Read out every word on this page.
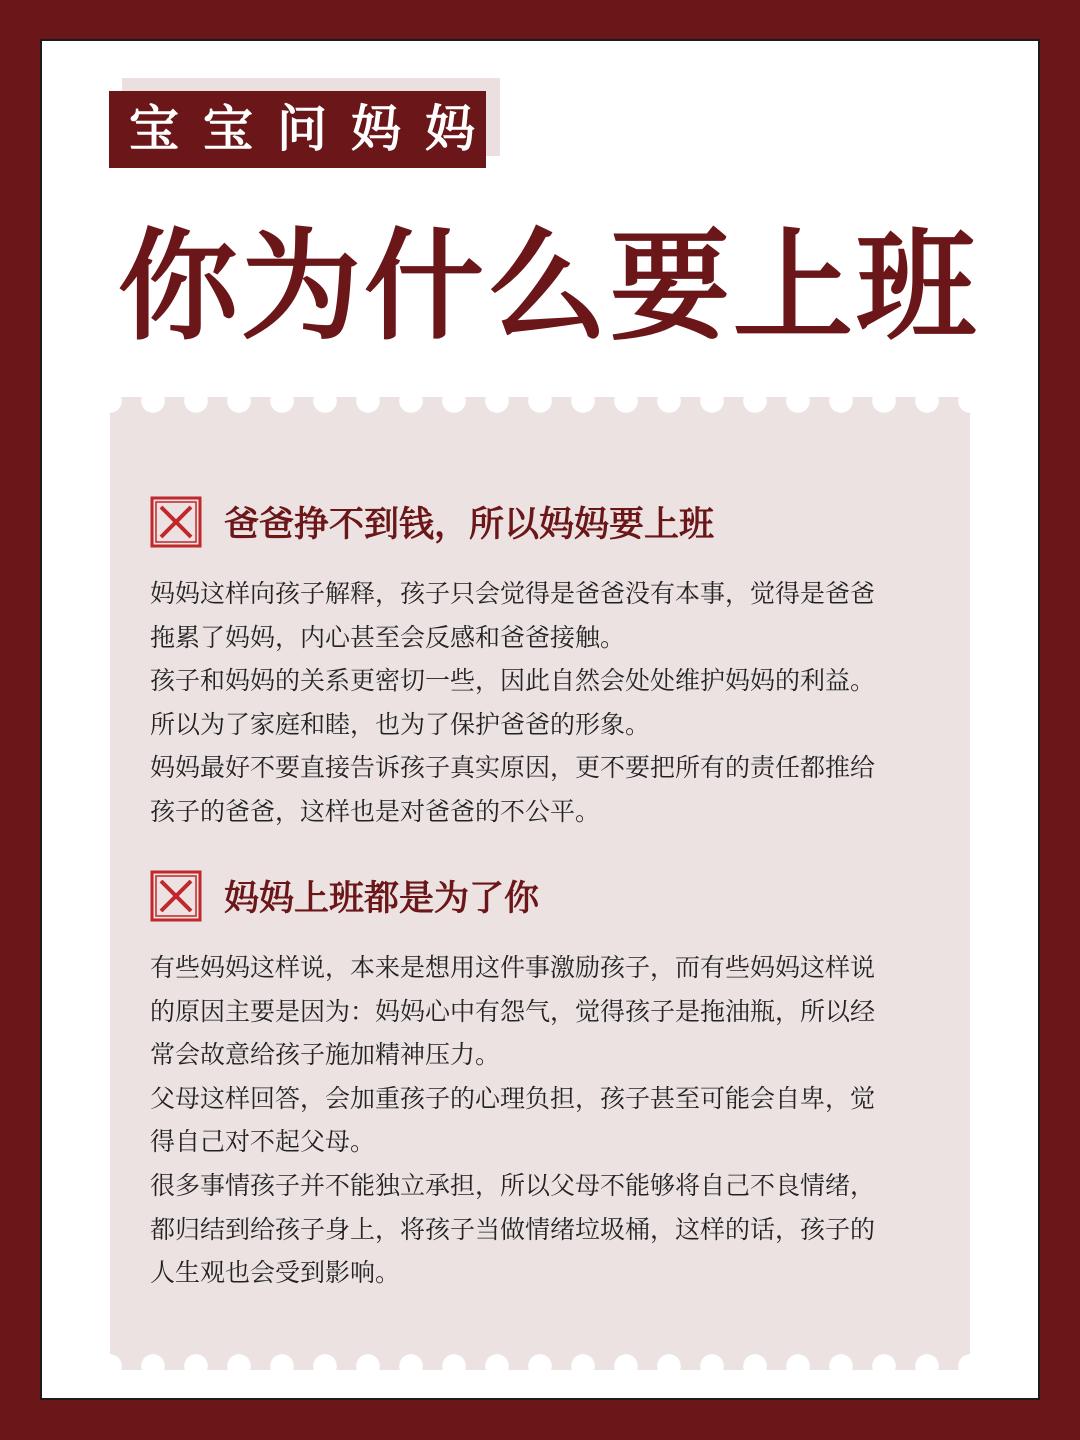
宝宝问妈妈
你为什么要上班
爸爸挣不到钱，所以妈妈要上班

妈妈这样向孩子解释，孩子只会觉得是爸爸没有本事，觉得是爸爸

拖累了妈妈，内心甚至会反感和爸爸接触。

孩子和妈妈的关系更密切一些，因此自然会处处维护妈妈的利益。

所以为了家庭和睦，也为了保护爸爸的形象。

妈妈最好不要直接告诉孩子真实原因，更不要把所有的责任都推给

孩子的爸爸，这样也是对爸爸的不公平。

妈妈上班都是为了你

有些妈妈这样说，本来是想用这件事激励孩子，而有些妈妈这样说

的原因主要是因为：妈妈心中有怨气，觉得孩子是拖油瓶，所以经

常会故意给孩子施加精神压力。

父母这样回答，会加重孩子的心理负担，孩子甚至可能会自卑，觉

得自己对不起父母。

很多事情孩子并不能独立承担，所以父母不能够将自己不良情绪，

都归结到给孩子身上，将孩子当做情绪垃圾桶，这样的话，孩子的

人生观也会受到影响。
